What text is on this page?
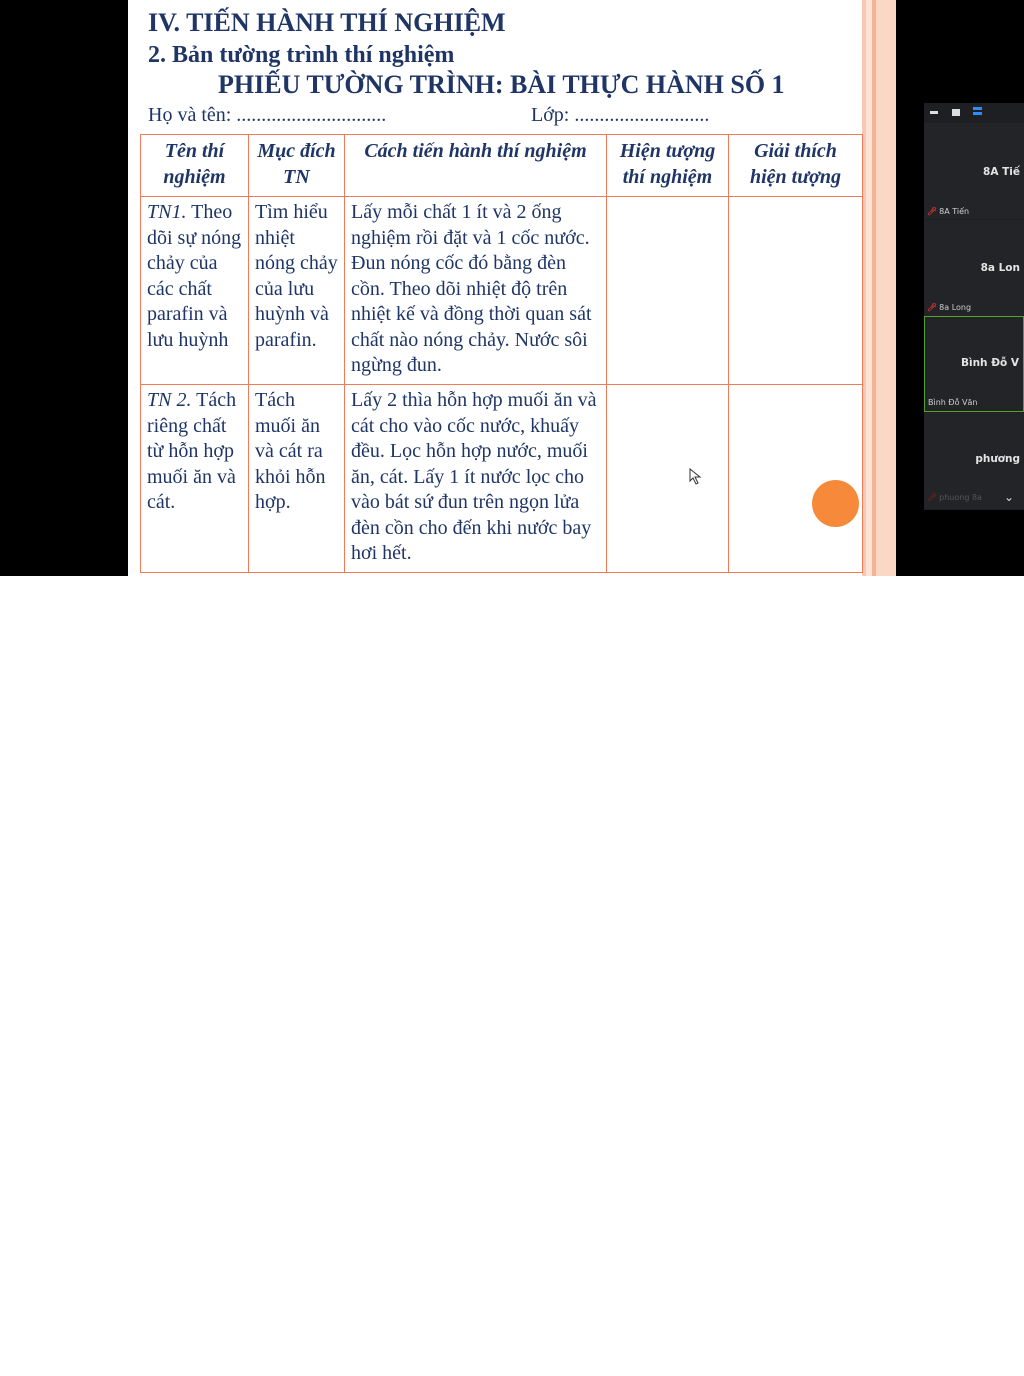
IV. TIẾN HÀNH THÍ NGHIỆM
2. Bản tường trình thí nghiệm
PHIẾU TƯỜNG TRÌNH: BÀI THỰC HÀNH SỐ 1
Họ và tên: ..............................	Lớp: ...........................
Tên thí nghiệm	Mục đích TN	Cách tiến hành thí nghiệm	Hiện tượng thí nghiệm	Giải thích hiện tượng
TN1. Theo dõi sự nóng chảy của các chất parafin và lưu huỳnh	Tìm hiểu nhiệt nóng chảy của lưu huỳnh và parafin.	Lấy mỗi chất 1 ít và 2 ống nghiệm rồi đặt và 1 cốc nước. Đun nóng cốc đó bằng đèn cồn. Theo dõi nhiệt độ trên nhiệt kế và đồng thời quan sát chất nào nóng chảy. Nước sôi ngừng đun.		
TN 2. Tách riêng chất từ hỗn hợp muối ăn và cát.	Tách muối ăn và cát ra khỏi hỗn hợp.	Lấy 2 thìa hỗn hợp muối ăn và cát cho vào cốc nước, khuấy đều. Lọc hỗn hợp nước, muối ăn, cát. Lấy 1 ít nước lọc cho vào bát sứ đun trên ngọn lửa đèn cồn cho đến khi nước bay hơi hết.		
8A Tiế
🎤︎ 8A Tiến
8a Lon
🎤︎ 8a Long
Bình Đỗ V
Bình Đỗ Văn
phương
🎤︎ phuong 8a ⌄
